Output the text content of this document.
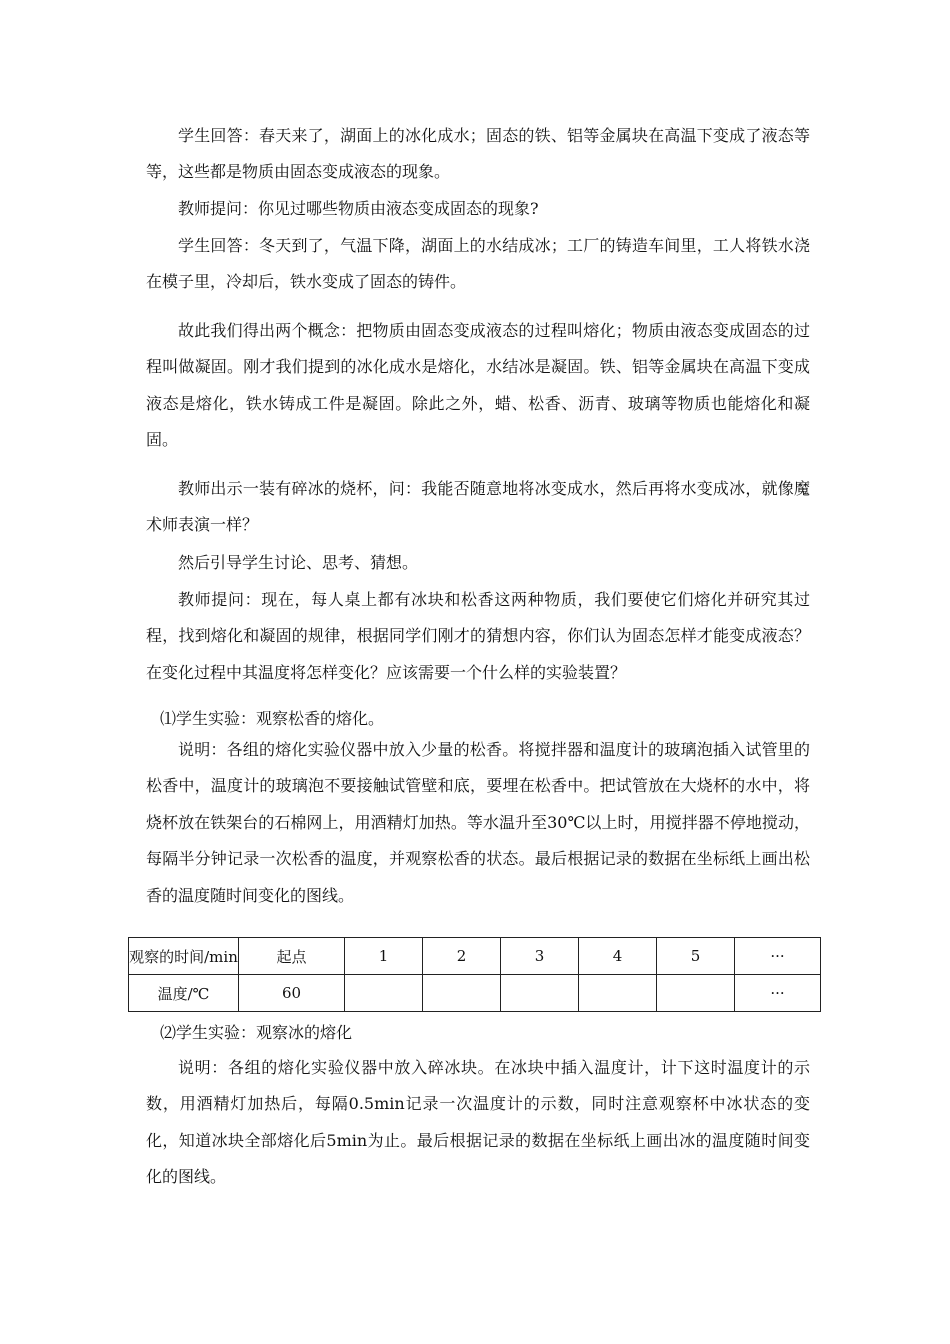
学生回答：春天来了，湖面上的冰化成水；固态的铁、铝等金属块在高温下变成了液态等等，这些都是物质由固态变成液态的现象。

教师提问：你见过哪些物质由液态变成固态的现象?

学生回答：冬天到了，气温下降，湖面上的水结成冰；工厂的铸造车间里，工人将铁水浇在模子里，冷却后，铁水变成了固态的铸件。

故此我们得出两个概念：把物质由固态变成液态的过程叫熔化；物质由液态变成固态的过程叫做凝固。刚才我们提到的冰化成水是熔化，水结冰是凝固。铁、铝等金属块在高温下变成液态是熔化，铁水铸成工件是凝固。除此之外，蜡、松香、沥青、玻璃等物质也能熔化和凝固。

教师出示一装有碎冰的烧杯，问：我能否随意地将冰变成水，然后再将水变成冰，就像魔术师表演一样？

然后引导学生讨论、思考、猜想。

教师提问：现在，每人桌上都有冰块和松香这两种物质，我们要使它们熔化并研究其过程，找到熔化和凝固的规律，根据同学们刚才的猜想内容，你们认为固态怎样才能变成液态？在变化过程中其温度将怎样变化？应该需要一个什么样的实验装置？

⑴学生实验：观察松香的熔化。

说明：各组的熔化实验仪器中放入少量的松香。将搅拌器和温度计的玻璃泡插入试管里的松香中，温度计的玻璃泡不要接触试管壁和底，要埋在松香中。把试管放在大烧杯的水中，将烧杯放在铁架台的石棉网上，用酒精灯加热。等水温升至30℃以上时，用搅拌器不停地搅动，每隔半分钟记录一次松香的温度，并观察松香的状态。最后根据记录的数据在坐标纸上画出松香的温度随时间变化的图线。

观察的时间/min	起点	1	2	3	4	5	···
温度/℃	60						···

⑵学生实验：观察冰的熔化

说明：各组的熔化实验仪器中放入碎冰块。在冰块中插入温度计，计下这时温度计的示数，用酒精灯加热后，每隔0.5min记录一次温度计的示数，同时注意观察杯中冰状态的变化，知道冰块全部熔化后5min为止。最后根据记录的数据在坐标纸上画出冰的温度随时间变化的图线。
